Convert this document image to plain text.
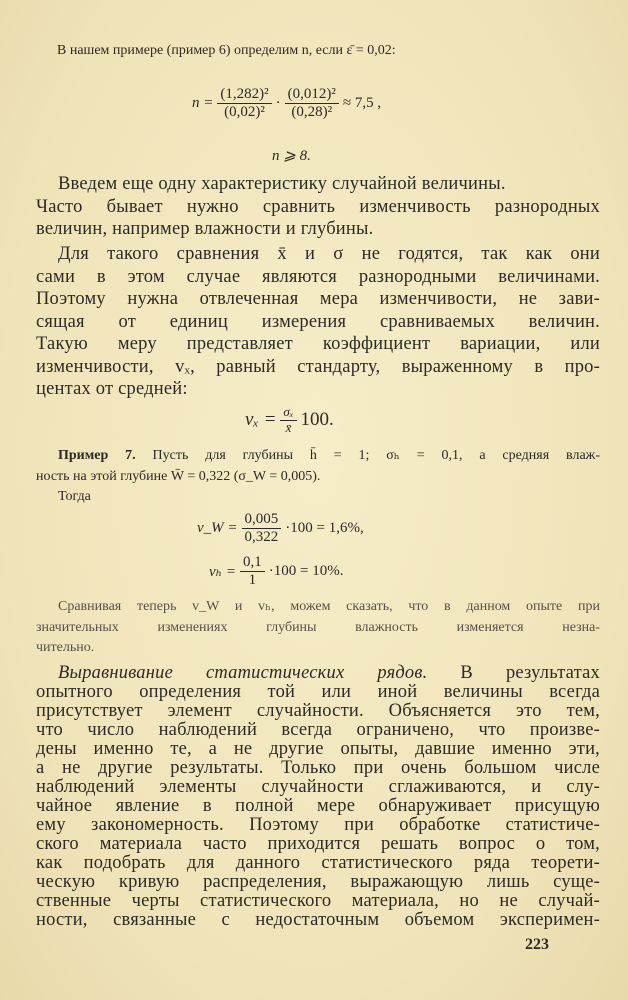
В нашем примере (пример 6) определим n, если ε̄ = 0,02:
$n = \frac{\text{(1,282)²}}{\text{(0,02)²}} \cdot \frac{\text{(0,012)²}}{\text{(0,28)²}} \approx 7,5$ ,
n ⩾ 8.
Введем еще одну характеристику случайной величины.
Часто бывает нужно сравнить изменчивость разнородных
величин, например влажности и глубины.
Для такого сравнения x̄ и σ не годятся, так как они
сами в этом случае являются разнородными величинами.
Поэтому нужна отвлеченная мера изменчивости, не зави-
сящая от единиц измерения сравниваемых величин.
Такую меру представляет коэффициент вариации, или
изменчивости, vₓ, равный стандарту, выраженному в про-
центах от средней:
$v_x = \frac{\text{σₓ}}{x̄} 100$.
Пример 7. Пусть для глубины h̄ = 1; σₕ = 0,1, а средняя влаж-
ность на этой глубине W̄ = 0,322 (σ_W = 0,005).
Тогда
v_W = $\frac{0,005}{0,322} \cdot 100 = 1,6\%$,
$v_h = \frac{0,1}{1} \cdot 100 = 10\%$.
Сравнивая теперь v_W и vₕ, можем сказать, что в данном опыте при
значительных изменениях глубины влажность изменяется незна-
чительно.
Выравнивание статистических рядов. В результатах
опытного определения той или иной величины всегда
присутствует элемент случайности. Объясняется это тем,
что число наблюдений всегда ограничено, что произве-
дены именно те, а не другие опыты, давшие именно эти,
а не другие результаты. Только при очень большом числе
наблюдений элементы случайности сглаживаются, и слу-
чайное явление в полной мере обнаруживает присущую
ему закономерность. Поэтому при обработке статистиче-
ского материала часто приходится решать вопрос о том,
как подобрать для данного статистического ряда теорети-
ческую кривую распределения, выражающую лишь суще-
ственные черты статистического материала, но не случай-
ности, связанные с недостаточным объемом эксперимен-
223
